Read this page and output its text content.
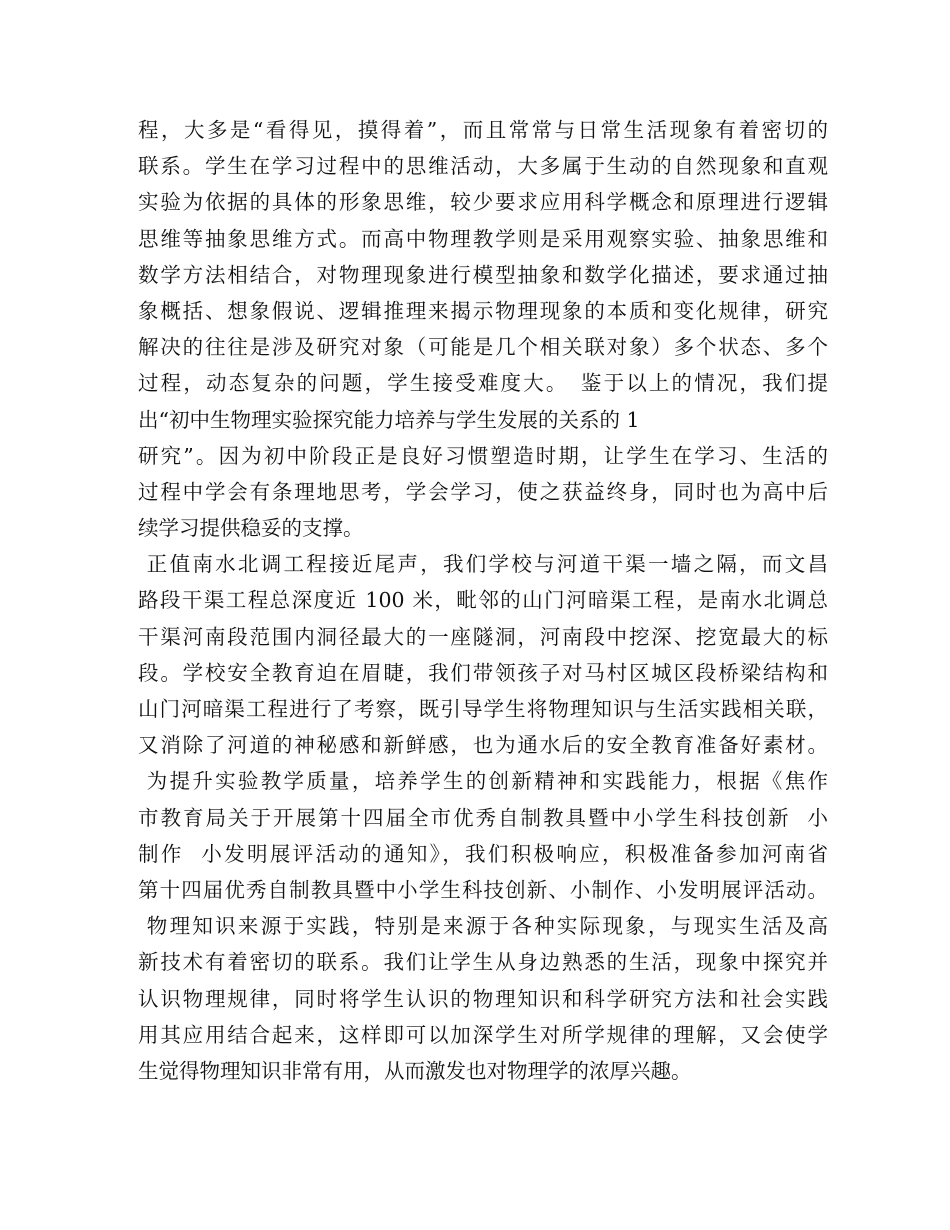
程，大多是“看得见，摸得着”，而且常常与日常生活现象有着密切的
联系。学生在学习过程中的思维活动，大多属于生动的自然现象和直观
实验为依据的具体的形象思维，较少要求应用科学概念和原理进行逻辑
思维等抽象思维方式。而高中物理教学则是采用观察实验、抽象思维和
数学方法相结合，对物理现象进行模型抽象和数学化描述，要求通过抽
象概括、想象假说、逻辑推理来揭示物理现象的本质和变化规律，研究
解决的往往是涉及研究对象（可能是几个相关联对象）多个状态、多个
过程，动态复杂的问题，学生接受难度大。　鉴于以上的情况，我们提
出“初中生物理实验探究能力培养与学生发展的关系的 1
研究”。因为初中阶段正是良好习惯塑造时期，让学生在学习、生活的
过程中学会有条理地思考，学会学习，使之获益终身，同时也为高中后
续学习提供稳妥的支撑。
正值南水北调工程接近尾声，我们学校与河道干渠一墙之隔，而文昌
路段干渠工程总深度近 100 米，毗邻的山门河暗渠工程，是南水北调总
干渠河南段范围内洞径最大的一座隧洞，河南段中挖深、挖宽最大的标
段。学校安全教育迫在眉睫，我们带领孩子对马村区城区段桥梁结构和
山门河暗渠工程进行了考察，既引导学生将物理知识与生活实践相关联，
又消除了河道的神秘感和新鲜感，也为通水后的安全教育准备好素材。
为提升实验教学质量，培养学生的创新精神和实践能力，根据《焦作
市教育局关于开展第十四届全市优秀自制教具暨中小学生科技创新  小
制作  小发明展评活动的通知》，我们积极响应，积极准备参加河南省
第十四届优秀自制教具暨中小学生科技创新、小制作、小发明展评活动。
物理知识来源于实践，特别是来源于各种实际现象，与现实生活及高
新技术有着密切的联系。我们让学生从身边熟悉的生活，现象中探究并
认识物理规律，同时将学生认识的物理知识和科学研究方法和社会实践
用其应用结合起来，这样即可以加深学生对所学规律的理解，又会使学
生觉得物理知识非常有用，从而激发也对物理学的浓厚兴趣。
